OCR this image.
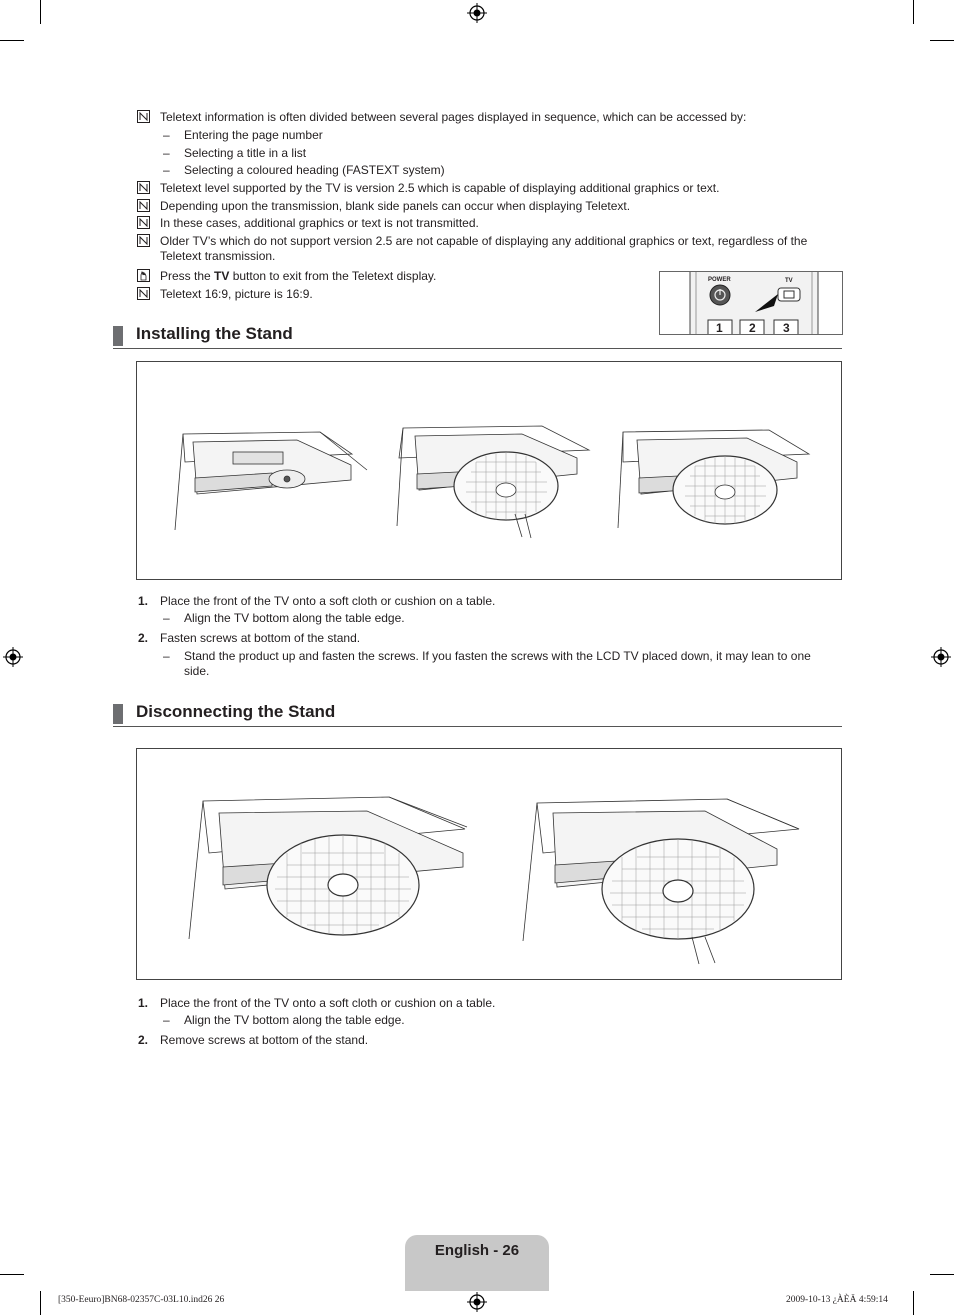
Teletext information is often divided between several pages displayed in sequence, which can be accessed by:
– Entering the page number
– Selecting a title in a list
– Selecting a coloured heading (FASTEXT system)
Teletext level supported by the TV is version 2.5 which is capable of displaying additional graphics or text.
Depending upon the transmission, blank side panels can occur when displaying Teletext.
In these cases, additional graphics or text is not transmitted.
Older TV’s which do not support version 2.5 are not capable of displaying any additional graphics or text, regardless of the
Teletext transmission.
Press the TV button to exit from the Teletext display.
Teletext 16:9, picture is 16:9.
POWER	TV
1 2 3
Installing the Stand
1. Place the front of the TV onto a soft cloth or cushion on a table.
– Align the TV bottom along the table edge.
2. Fasten screws at bottom of the stand.
– Stand the product up and fasten the screws. If you fasten the screws with the LCD TV placed down, it may lean to one
side.
Disconnecting the Stand
1. Place the front of the TV onto a soft cloth or cushion on a table.
– Align the TV bottom along the table edge.
2. Remove screws at bottom of the stand.
English - 26
[350-Eeuro]BN68-02357C-03L10.ind26 26	2009-10-13 ¿ÀÈÄ 4:59:14
